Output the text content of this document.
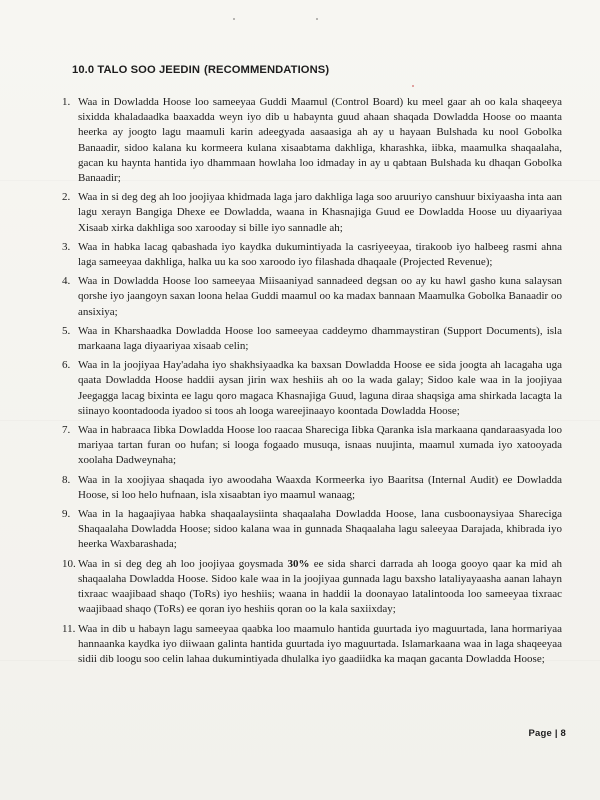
10.0 TALO SOO JEEDIN (RECOMMENDATIONS)
1. Waa in Dowladda Hoose loo sameeyaa Guddi Maamul (Control Board) ku meel gaar ah oo kala shaqeeya sixidda khaladaadka baaxadda weyn iyo dib u habaynta guud ahaan shaqada Dowladda Hoose oo maanta heerka ay joogto lagu maamuli karin adeegyada aasaasiga ah ay u hayaan Bulshada ku nool Gobolka Banaadir, sidoo kalana ku kormeera kulana xisaabtama dakhliga, kharashka, iibka, maamulka shaqaalaha, gacan ku haynta hantida iyo dhammaan howlaha loo idmaday in ay u qabtaan Bulshada ku dhaqan Gobolka Banaadir;
2. Waa in si deg deg ah loo joojiyaa khidmada laga jaro dakhliga laga soo aruuriyo canshuur bixiyaasha inta aan lagu xerayn Bangiga Dhexe ee Dowladda, waana in Khasnajiga Guud ee Dowladda Hoose uu diyaariyaa Xisaab xirka dakhliga soo xarooday si bille iyo sannadle ah;
3. Waa in habka lacag qabashada iyo kaydka dukumintiyada la casriyeeyaa, tirakoob iyo halbeeg rasmi ahna laga sameeyaa dakhliga, halka uu ka soo xaroodo iyo filashada dhaqaale (Projected Revenue);
4. Waa in Dowladda Hoose loo sameeyaa Miisaaniyad sannadeed degsan oo ay ku hawl gasho kuna salaysan qorshe iyo jaangoyn saxan loona helaa Guddi maamul oo ka madax bannaan Maamulka Gobolka Banaadir oo ansixiya;
5. Waa in Kharshaadka Dowladda Hoose loo sameeyaa caddeymo dhammaystiran (Support Documents), isla markaana laga diyaariyaa xisaab celin;
6. Waa in la joojiyaa Hay'adaha iyo shakhsiyaadka ka baxsan Dowladda Hoose ee sida joogta ah lacagaha uga qaata Dowladda Hoose haddii aysan jirin wax heshiis ah oo la wada galay; Sidoo kale waa in la joojiyaa Jeegagga lacag bixinta ee lagu qoro magaca Khasnajiga Guud, laguna diraa shaqsiga ama shirkada lacagta la siinayo koontadooda iyadoo si toos ah looga wareejinaayo koontada Dowladda Hoose;
7. Waa in habraaca Iibka Dowladda Hoose loo raacaa Shareciga Iibka Qaranka isla markaana qandaraasyada loo mariyaa tartan furan oo hufan; si looga fogaado musuqa, isnaas nuujinta, maamul xumada iyo xatooyada xoolaha Dadweynaha;
8. Waa in la xoojiyaa shaqada iyo awoodaha Waaxda Kormeerka iyo Baaritsa (Internal Audit) ee Dowladda Hoose, si loo helo hufnaan, isla xisaabtan iyo maamul wanaag;
9. Waa in la hagaajiyaa habka shaqaalaysiinta shaqaalaha Dowladda Hoose, lana cusboonaysiyaa Shareciga Shaqaalaha Dowladda Hoose; sidoo kalana waa in gunnada Shaqaalaha lagu saleeyaa Darajada, khibrada iyo heerka Waxbarashada;
10. Waa in si deg deg ah loo joojiyaa goysmada 30% ee sida sharci darrada ah looga gooyo qaar ka mid ah shaqaalaha Dowladda Hoose. Sidoo kale waa in la joojiyaa gunnada lagu baxsho lataliyayaasha aanan lahayn tixraac waajibaad shaqo (ToRs) iyo heshiis; waana in haddii la doonayao latalintooda loo sameeyaa tixraac waajibaad shaqo (ToRs) ee qoran iyo heshiis qoran oo la kala saxiixday;
11. Waa in dib u habayn lagu sameeyaa qaabka loo maamulo hantida guurtada iyo maguurtada, lana hormariyaa hannaanka kaydka iyo diiwaan galinta hantida guurtada iyo maguurtada. Islamarkaana waa in laga shaqeeyaa sidii dib loogu soo celin lahaa dukumintiyada dhulalka iyo gaadiidka ka maqan gacanta Dowladda Hoose;
Page | 8
